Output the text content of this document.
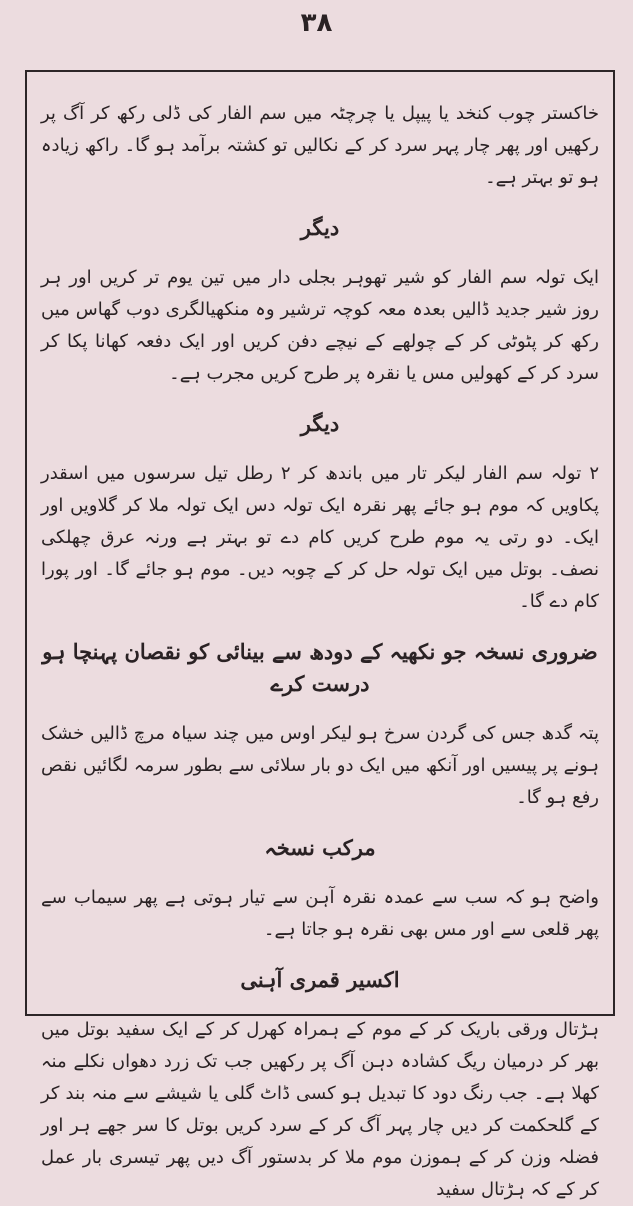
٣٨

خاکستر چوب کنخد یا پیپل یا چرچٹہ میں سم الفار کی ڈلی رکھ کر آگ پر رکھیں اور پھر چار پہر سرد کر کے نکالیں تو کشتہ برآمد ہو گا۔ راکھ زیادہ ہو تو بہتر ہے۔

دیگر

ایک تولہ سم الفار کو شیر تھوہر بجلی دار میں تین یوم تر کریں اور ہر روز شیر جدید ڈالیں بعدہ معہ کوچہ ترشیر وہ منکھیالگری دوب گھاس میں رکھ کر پٹوٹی کر کے چولھے کے نیچے دفن کریں اور ایک دفعہ کھانا پکا کر سرد کر کے کھولیں مس یا نقرہ پر طرح کریں مجرب ہے۔

دیگر

۲ تولہ سم الفار لیکر تار میں باندھ کر ۲ رطل تیل سرسوں میں اسقدر پکاویں کہ موم ہو جائے پھر نقرہ ایک تولہ دس ایک تولہ ملا کر گلاویں اور ایک۔ دو رتی یہ موم طرح کریں کام دے تو بہتر ہے ورنہ عرق چھلکی نصف۔ بوتل میں ایک تولہ حل کر کے چوبہ دیں۔ موم ہو جائے گا۔ اور پورا کام دے گا۔

ضروری نسخہ جو نکھیہ کے دودھ سے بینائی کو نقصان پہنچا ہو درست کرے

پتہ گدھ جس کی گردن سرخ ہو لیکر اوس میں چند سیاہ مرچ ڈالیں خشک ہونے پر پیسیں اور آنکھ میں ایک دو بار سلائی سے بطور سرمہ لگائیں نقص رفع ہو گا۔

مرکب نسخہ

واضح ہو کہ سب سے عمدہ نقرہ آہن سے تیار ہوتی ہے پھر سیماب سے پھر قلعی سے اور مس بھی نقرہ ہو جاتا ہے۔

اکسیر قمری آہنی

ہڑتال ورقی باریک کر کے موم کے ہمراہ کھرل کر کے ایک سفید بوتل میں بھر کر درمیان ریگ کشادہ دہن آگ پر رکھیں جب تک زرد دھواں نکلے منہ کھلا ہے۔ جب رنگ دود کا تبدیل ہو کسی ڈاٹ گلی یا شیشے سے منہ بند کر کے گلحکمت کر دیں چار پہر آگ کر کے سرد کریں بوتل کا سر جھے ہر اور فضلہ وزن کر کے ہموزن موم ملا کر بدستور آگ دیں پھر تیسری بار عمل کر کے کہ ہڑتال سفید
